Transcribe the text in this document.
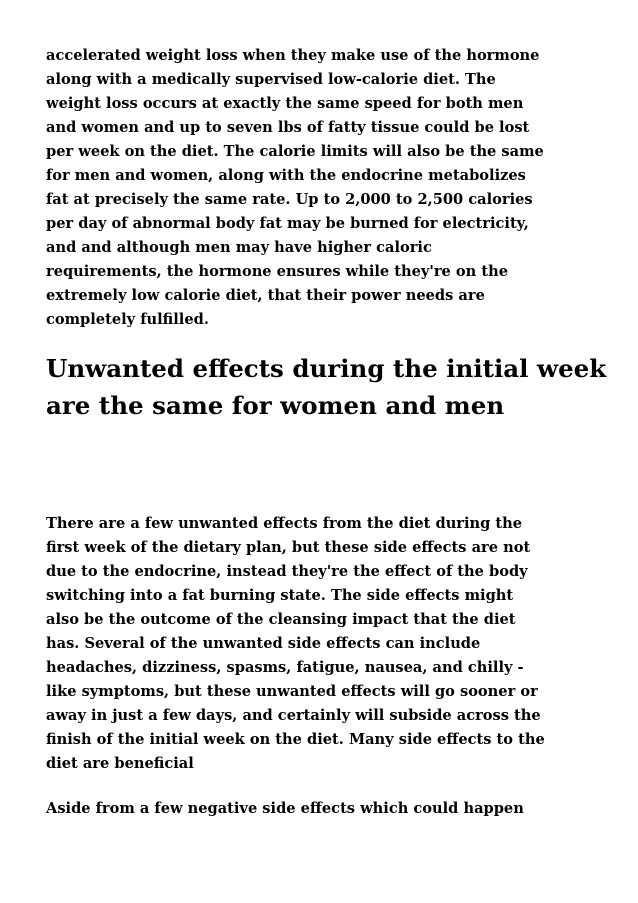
accelerated weight loss when they make use of the hormone
along with a medically supervised low-calorie diet. The
weight loss occurs at exactly the same speed for both men
and women and up to seven lbs of fatty tissue could be lost
per week on the diet. The calorie limits will also be the same
for men and women, along with the endocrine metabolizes
fat at precisely the same rate. Up to 2,000 to 2,500 calories
per day of abnormal body fat may be burned for electricity,
and and although men may have higher caloric
requirements, the hormone ensures while they're on the
extremely low calorie diet, that their power needs are
completely fulfilled.
Unwanted effects during the initial week
are the same for women and men
There are a few unwanted effects from the diet during the
first week of the dietary plan, but these side effects are not
due to the endocrine, instead they're the effect of the body
switching into a fat burning state. The side effects might
also be the outcome of the cleansing impact that the diet
has. Several of the unwanted side effects can include
headaches, dizziness, spasms, fatigue, nausea, and chilly -
like symptoms, but these unwanted effects will go sooner or
away in just a few days, and certainly will subside across the
finish of the initial week on the diet. Many side effects to the
diet are beneficial
Aside from a few negative side effects which could happen
